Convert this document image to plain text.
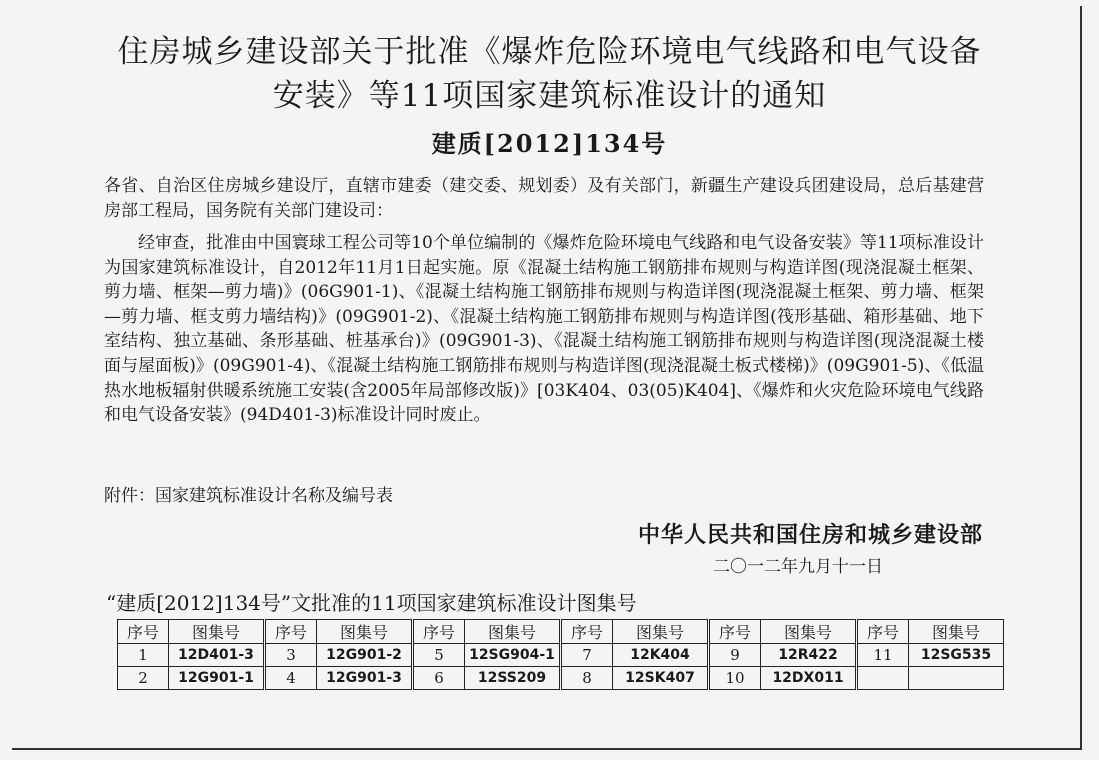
住房城乡建设部关于批准《爆炸危险环境电气线路和电气设备
安装》等11项国家建筑标准设计的通知
建质[2012]134号
各省、自治区住房城乡建设厅，直辖市建委（建交委、规划委）及有关部门，新疆生产建设兵团建设局，总后基建营房部工程局，国务院有关部门建设司：
经审查，批准由中国寰球工程公司等10个单位编制的《爆炸危险环境电气线路和电气设备安装》等11项标准设计为国家建筑标准设计，自2012年11月1日起实施。原《混凝土结构施工钢筋排布规则与构造详图(现浇混凝土框架、剪力墙、框架—剪力墙)》(06G901-1)、《混凝土结构施工钢筋排布规则与构造详图(现浇混凝土框架、剪力墙、框架—剪力墙、框支剪力墙结构)》(09G901-2)、《混凝土结构施工钢筋排布规则与构造详图(筏形基础、箱形基础、地下室结构、独立基础、条形基础、桩基承台)》(09G901-3)、《混凝土结构施工钢筋排布规则与构造详图(现浇混凝土楼面与屋面板)》(09G901-4)、《混凝土结构施工钢筋排布规则与构造详图(现浇混凝土板式楼梯)》(09G901-5)、《低温热水地板辐射供暖系统施工安装(含2005年局部修改版)》[03K404、03(05)K404]、《爆炸和火灾危险环境电气线路和电气设备安装》(94D401-3)标准设计同时废止。
附件：国家建筑标准设计名称及编号表
中华人民共和国住房和城乡建设部
二〇一二年九月十一日
“建质[2012]134号”文批准的11项国家建筑标准设计图集号
序号	图集号	序号	图集号	序号	图集号	序号	图集号	序号	图集号	序号	图集号
1	12D401-3	3	12G901-2	5	12SG904-1	7	12K404	9	12R422	11	12SG535
2	12G901-1	4	12G901-3	6	12SS209	8	12SK407	10	12DX011		
